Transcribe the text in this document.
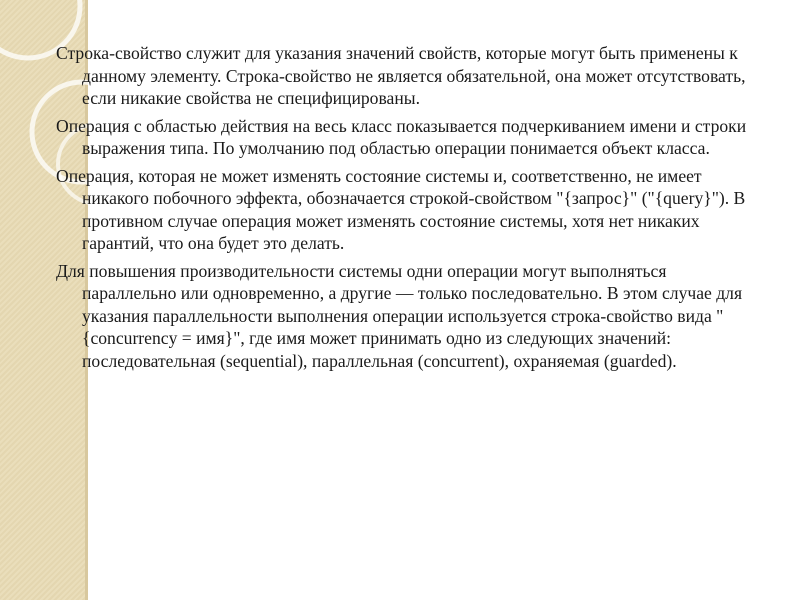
Строка-свойство служит для указания значений свойств, которые могут быть применены к данному элементу. Строка-свойство не является обязательной, она может отсутствовать, если никакие свойства не специфицированы.

Операция с областью действия на весь класс показывается подчеркиванием имени и строки выражения типа. По умолчанию под областью операции понимается объект класса.

Операция, которая не может изменять состояние системы и, соответственно, не имеет никакого побочного эффекта, обозначается строкой-свойством "{запрос}" ("{query}"). В противном случае операция может изменять состояние системы, хотя нет никаких гарантий, что она будет это делать.

Для повышения производительности системы одни операции могут выполняться параллельно или одновременно, а другие — только последовательно. В этом случае для указания параллельности выполнения операции используется строка-свойство вида "{concurrency = имя}", где имя может принимать одно из следующих значений: последовательная (sequential), параллельная (concurrent), охраняемая (guarded).
